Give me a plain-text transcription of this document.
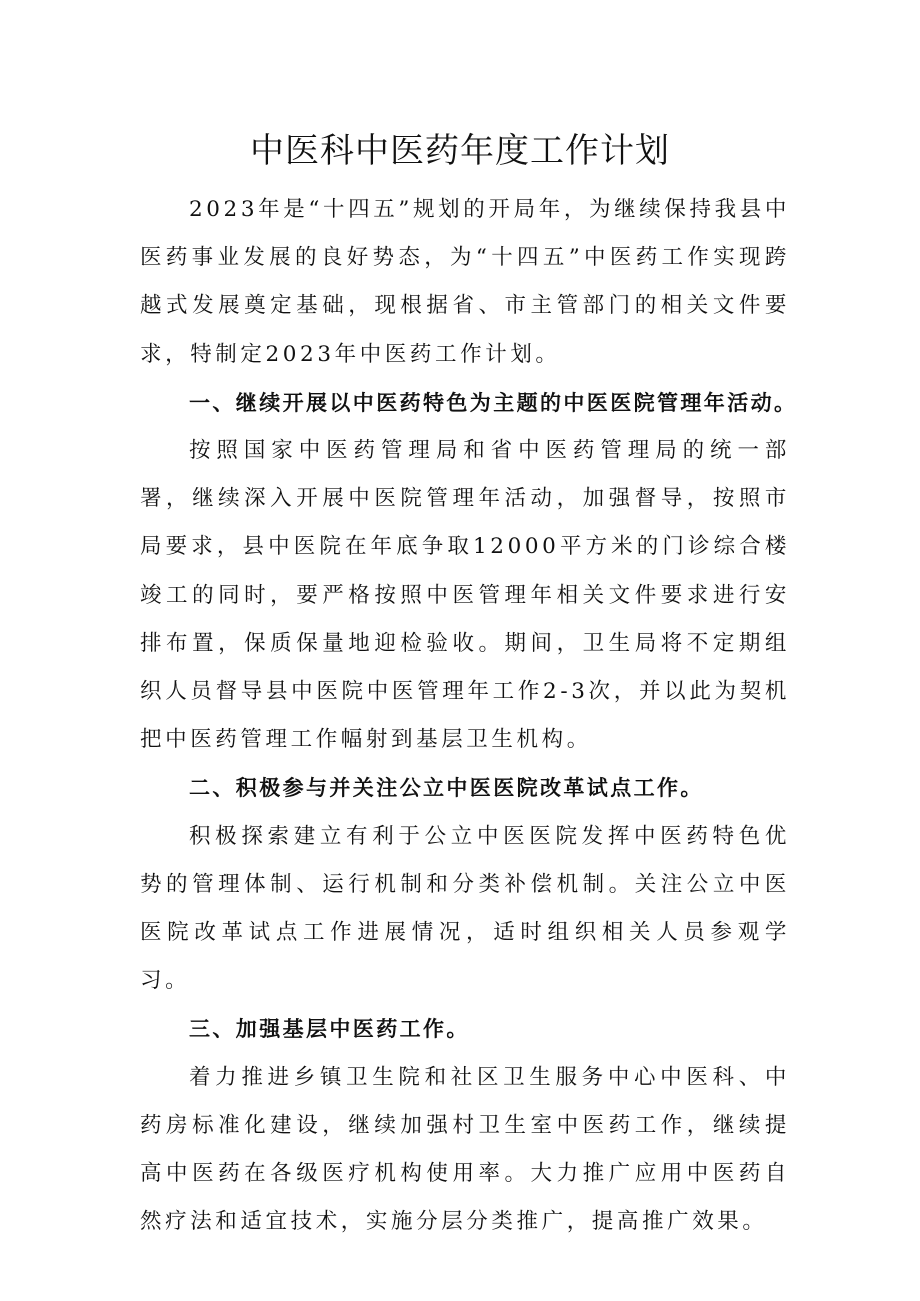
中医科中医药年度工作计划

2023年是“十四五”规划的开局年，为继续保持我县中医药事业发展的良好势态，为“十四五”中医药工作实现跨越式发展奠定基础，现根据省、市主管部门的相关文件要求，特制定2023年中医药工作计划。

一、继续开展以中医药特色为主题的中医医院管理年活动。

按照国家中医药管理局和省中医药管理局的统一部署，继续深入开展中医院管理年活动，加强督导，按照市局要求，县中医院在年底争取12000平方米的门诊综合楼竣工的同时，要严格按照中医管理年相关文件要求进行安排布置，保质保量地迎检验收。期间，卫生局将不定期组织人员督导县中医院中医管理年工作2-3次，并以此为契机把中医药管理工作幅射到基层卫生机构。

二、积极参与并关注公立中医医院改革试点工作。

积极探索建立有利于公立中医医院发挥中医药特色优势的管理体制、运行机制和分类补偿机制。关注公立中医医院改革试点工作进展情况，适时组织相关人员参观学习。

三、加强基层中医药工作。

着力推进乡镇卫生院和社区卫生服务中心中医科、中药房标准化建设，继续加强村卫生室中医药工作，继续提高中医药在各级医疗机构使用率。大力推广应用中医药自然疗法和适宜技术，实施分层分类推广，提高推广效果。
